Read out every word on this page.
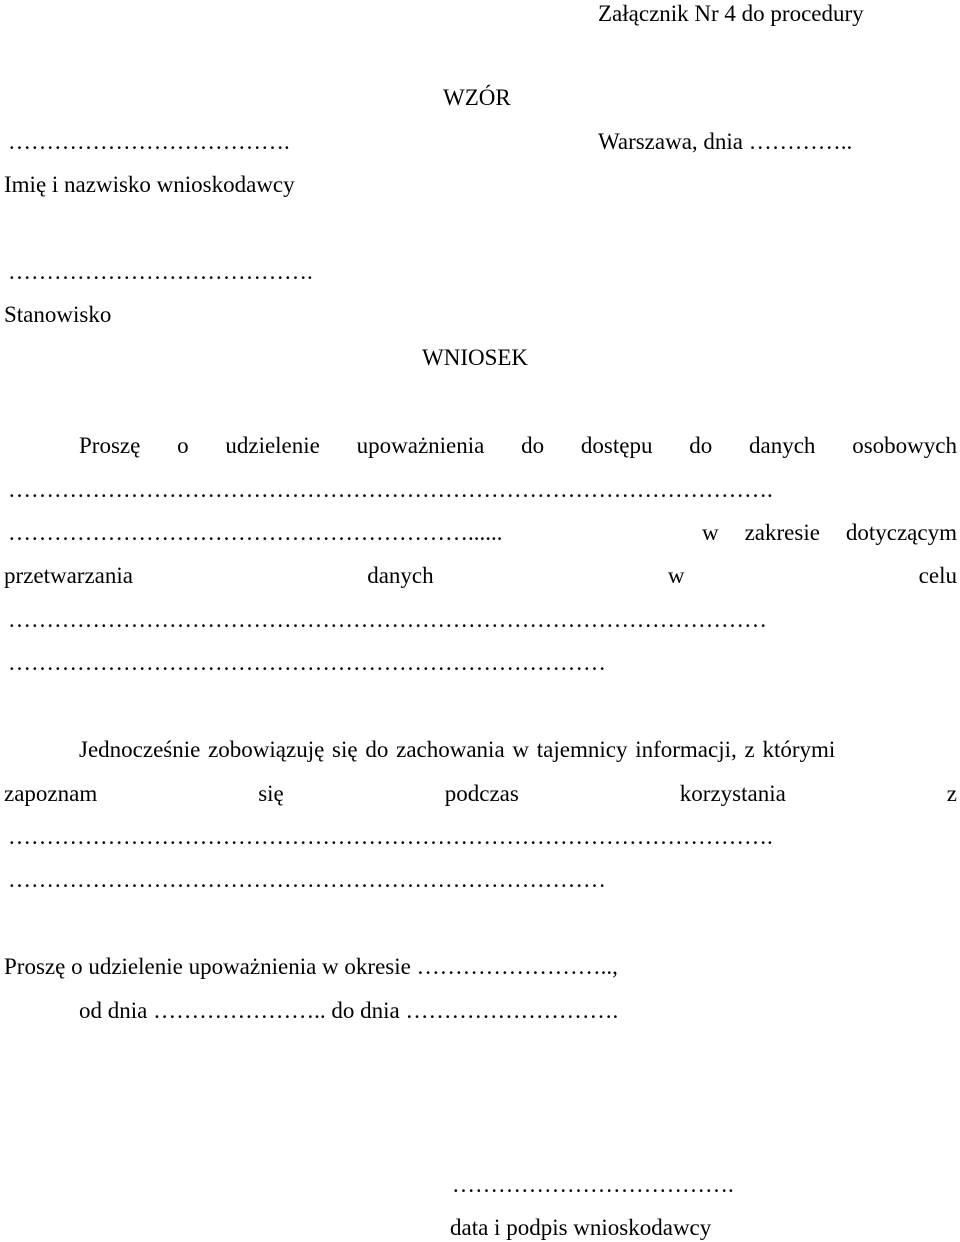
Załącznik Nr 4 do procedury

WZÓR

……………………………….	Warszawa, dnia …………..

Imię i nazwisko wnioskodawcy

………………………………….

Stanowisko

WNIOSEK

Proszę o udzielenie upoważnienia do dostępu do danych osobowych

……………………………………………………………………………………….

……………………………………………………......	w zakresie dotyczącym
przetwarzania	danych	w	celu

………………………………………………………………………………………

……………………………………………………………………

Jednocześnie zobowiązuję się do zachowania w tajemnicy informacji, z którymi

zapoznam	się	podczas	korzystania	z

……………………………………………………………………………………….

……………………………………………………………………

Proszę o udzielenie upoważnienia w okresie ……………………..,

od dnia ………………….. do dnia ……………………….

……………………………….

data i podpis wnioskodawcy
